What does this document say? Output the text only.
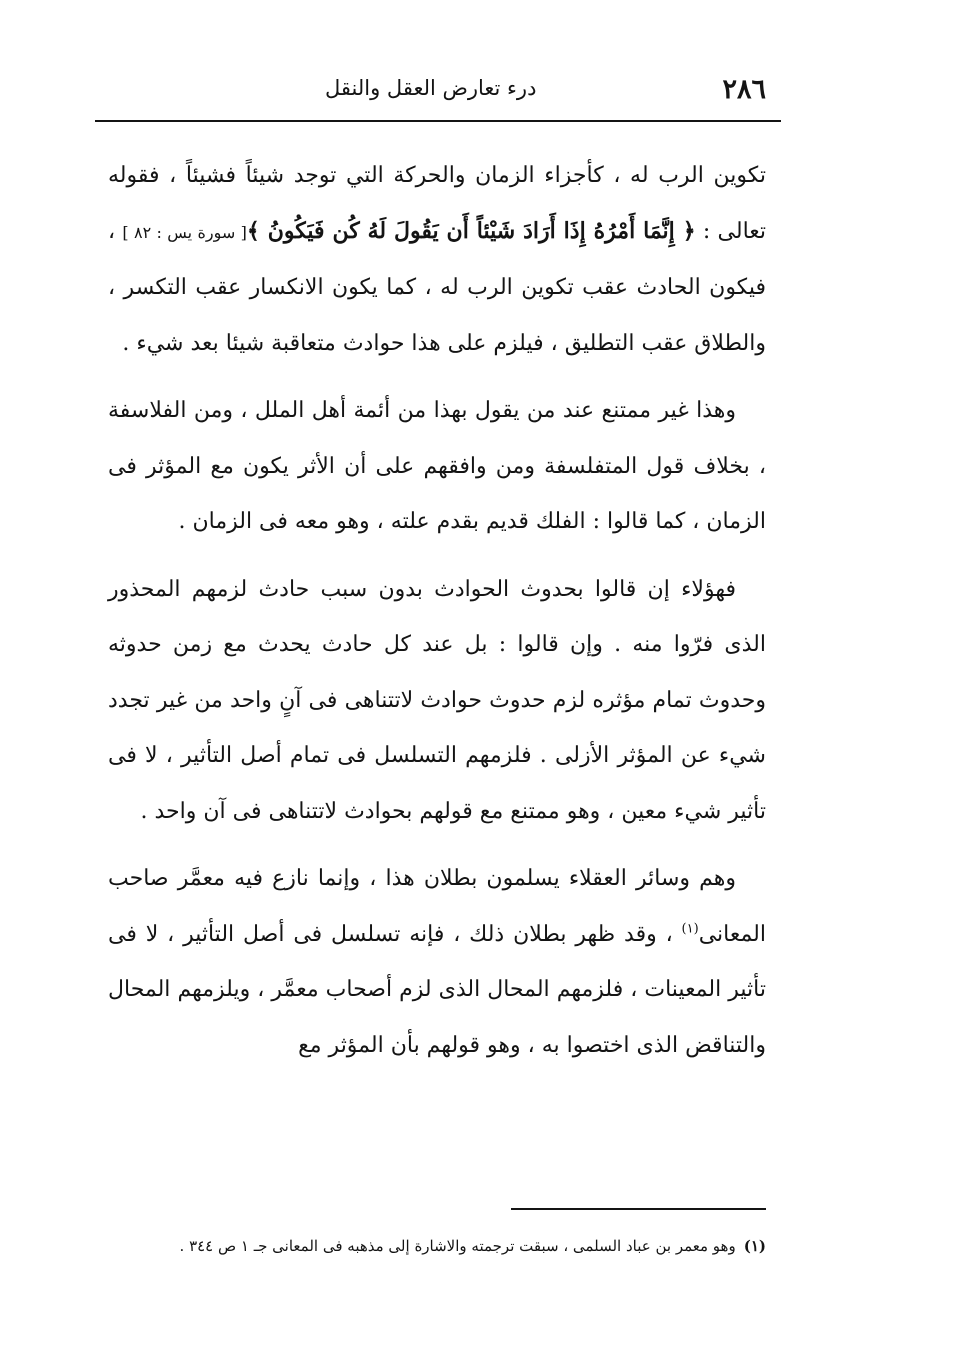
٢٨٦
درء تعارض العقل والنقل

تكوين الرب له ، كأجزاء الزمان والحركة التي توجد شيئاً فشيئاً ، فقوله تعالى : ﴿ إِنَّمَا أَمْرُهُ إِذَا أَرَادَ شَيْئاً أَن يَقُولَ لَهُ كُن فَيَكُونُ ﴾[ سورة يس : ٨٢ ] ، فيكون الحادث عقب تكوين الرب له ، كما يكون الانكسار عقب التكسر ، والطلاق عقب التطليق ، فيلزم على هذا حوادث متعاقبة شيئا بعد شيء .

وهذا غير ممتنع عند من يقول بهذا من أئمة أهل الملل ، ومن الفلاسفة ، بخلاف قول المتفلسفة ومن وافقهم على أن الأثر يكون مع المؤثر فى الزمان ، كما قالوا : الفلك قديم بقدم علته ، وهو معه فى الزمان .

فهؤلاء إن قالوا بحدوث الحوادث بدون سبب حادث لزمهم المحذور الذى فرّوا منه . وإن قالوا : بل عند كل حادث يحدث مع زمن حدوثه وحدوث تمام مؤثره لزم حدوث حوادث لاتتناهى فى آنٍ واحد من غير تجدد شيء عن المؤثر الأزلى . فلزمهم التسلسل فى تمام أصل التأثير ، لا فى تأثير شيء معين ، وهو ممتنع مع قولهم بحوادث لاتتناهى فى آن واحد .

وهم وسائر العقلاء يسلمون بطلان هذا ، وإنما نازع فيه معمَّر صاحب المعانى$^{(١)}$ ، وقد ظهر بطلان ذلك ، فإنه تسلسل فى أصل التأثير ، لا فى تأثير المعينات ، فلزمهم المحال الذى لزم أصحاب معمَّر ، ويلزمهم المحال والتناقض الذى اختصوا به ، وهو قولهم بأن المؤثر مع

(١)وهو معمر بن عباد السلمى ، سبقت ترجمته والاشارة إلى مذهبه فى المعانى جـ ١ ص ٣٤٤ .
